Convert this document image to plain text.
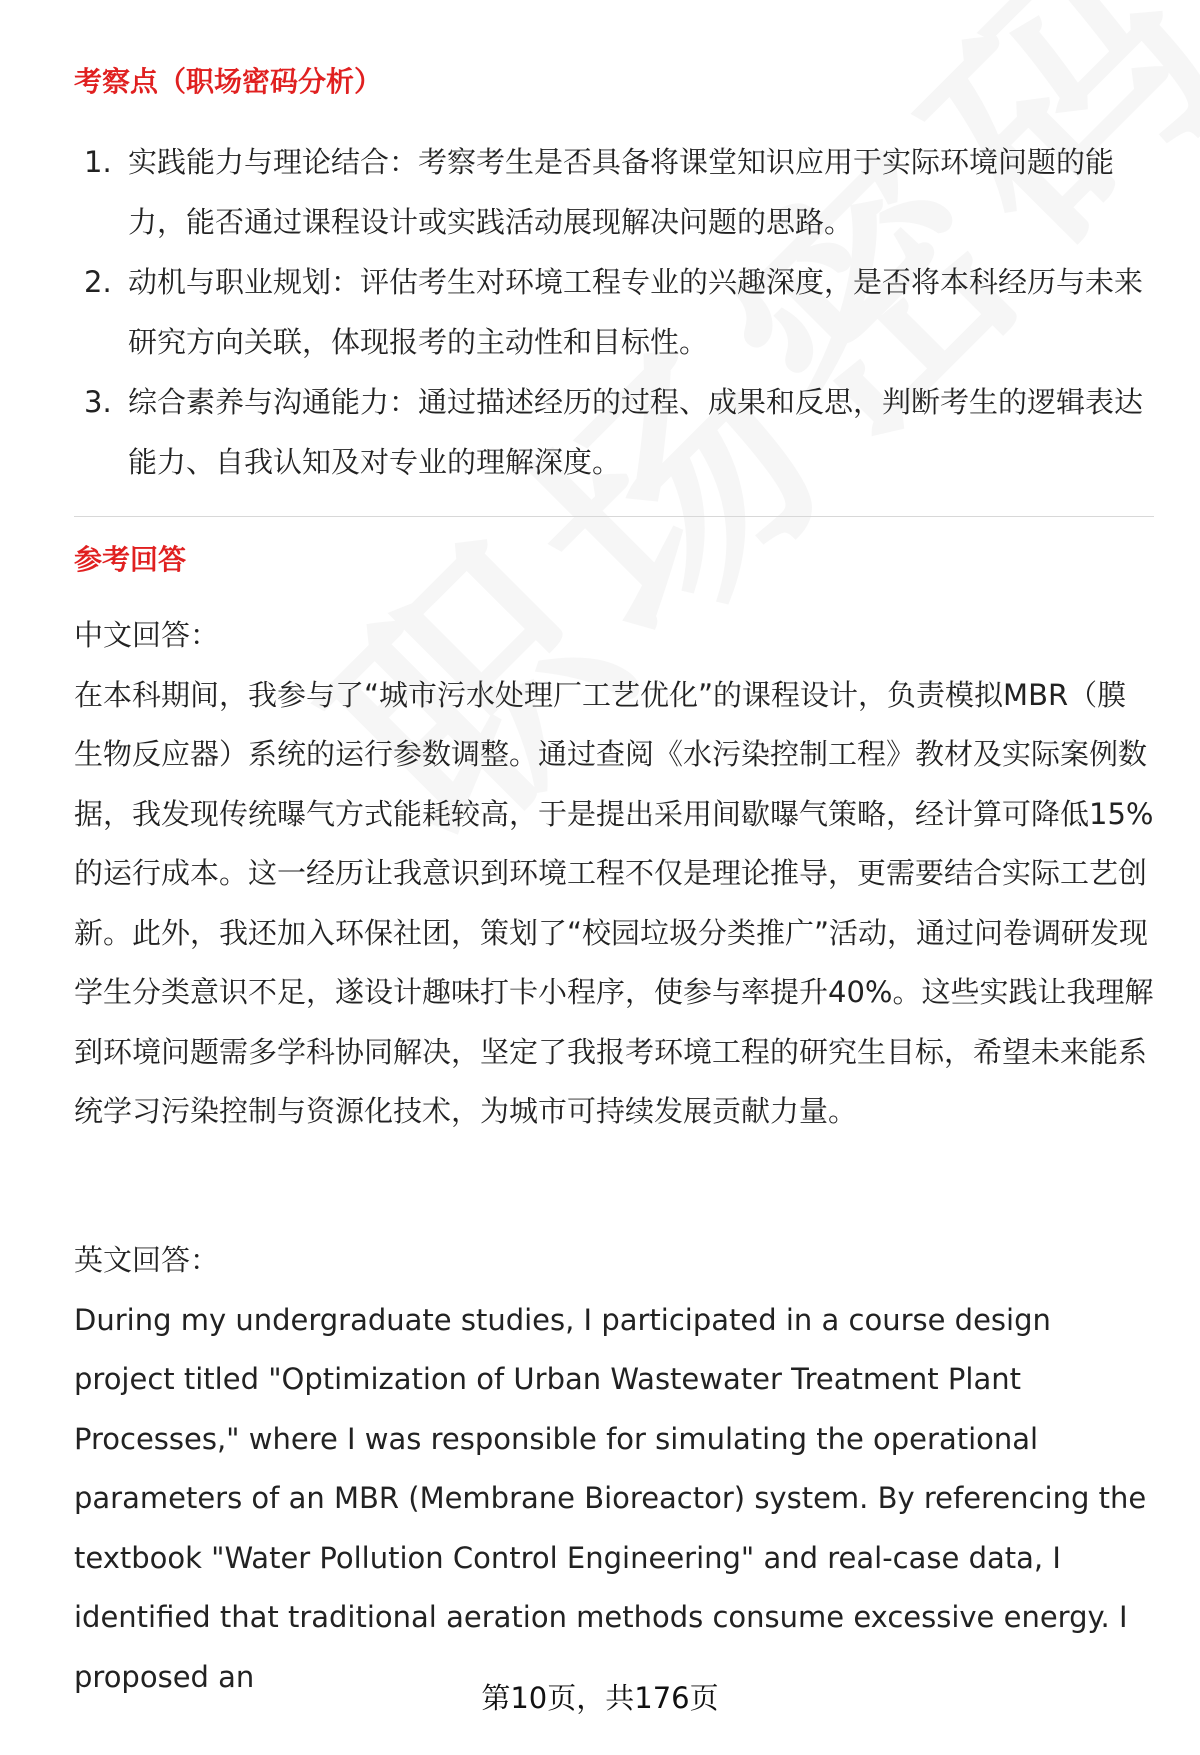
考察点（职场密码分析）
1. 实践能力与理论结合：考察考生是否具备将课堂知识应用于实际环境问题的能力，能否通过课程设计或实践活动展现解决问题的思路。
2. 动机与职业规划：评估考生对环境工程专业的兴趣深度，是否将本科经历与未来研究方向关联，体现报考的主动性和目标性。
3. 综合素养与沟通能力：通过描述经历的过程、成果和反思，判断考生的逻辑表达能力、自我认知及对专业的理解深度。
参考回答
中文回答：
在本科期间，我参与了“城市污水处理厂工艺优化”的课程设计，负责模拟MBR（膜生物反应器）系统的运行参数调整。通过查阅《水污染控制工程》教材及实际案例数据，我发现传统曝气方式能耗较高，于是提出采用间歇曝气策略，经计算可降低15%的运行成本。这一经历让我意识到环境工程不仅是理论推导，更需要结合实际工艺创新。此外，我还加入环保社团，策划了“校园垃圾分类推广”活动，通过问卷调研发现学生分类意识不足，遂设计趣味打卡小程序，使参与率提升40%。这些实践让我理解到环境问题需多学科协同解决，坚定了我报考环境工程的研究生目标，希望未来能系统学习污染控制与资源化技术，为城市可持续发展贡献力量。
英文回答：
During my undergraduate studies, I participated in a course design project titled "Optimization of Urban Wastewater Treatment Plant Processes," where I was responsible for simulating the operational parameters of an MBR (Membrane Bioreactor) system. By referencing the textbook "Water Pollution Control Engineering" and real-case data, I identified that traditional aeration methods consume excessive energy. I proposed an
第10页，共176页
